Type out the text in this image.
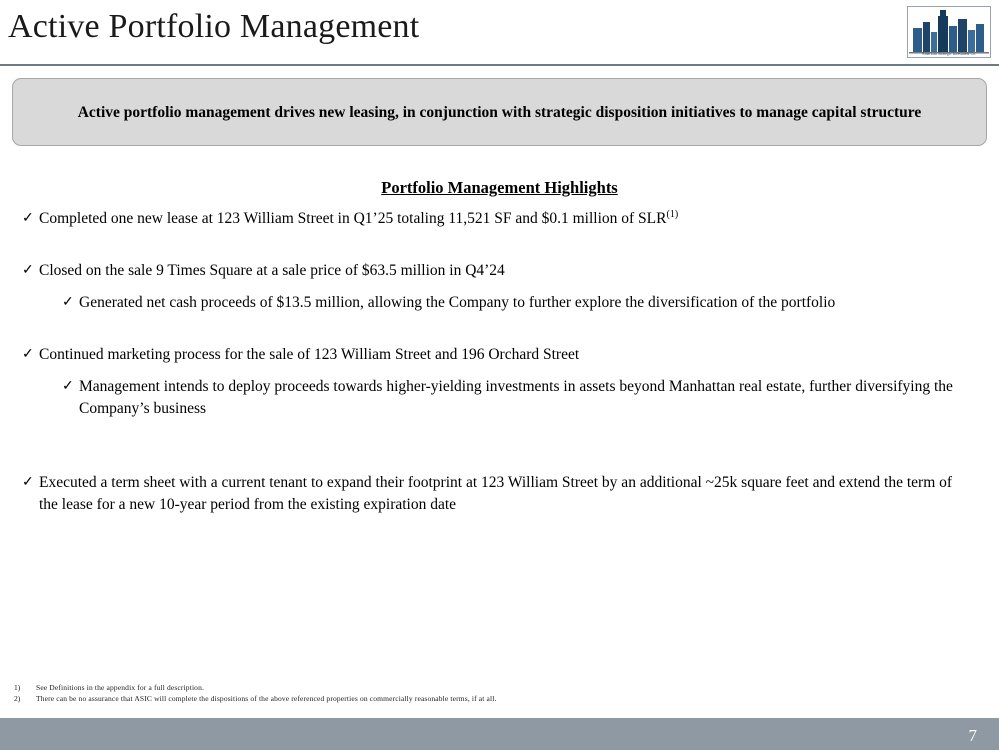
Active Portfolio Management
American Strategic Investment Co.
Active portfolio management drives new leasing, in conjunction with strategic disposition initiatives to manage capital structure
Portfolio Management Highlights
✓ Completed one new lease at 123 William Street in Q1’25 totaling 11,521 SF and $0.1 million of SLR$^{(1)}$
✓ Closed on the sale 9 Times Square at a sale price of $63.5 million in Q4’24
✓ Generated net cash proceeds of $13.5 million, allowing the Company to further explore the diversification of the portfolio
✓ Continued marketing process for the sale of 123 William Street and 196 Orchard Street
✓ Management intends to deploy proceeds towards higher-yielding investments in assets beyond Manhattan real estate, further diversifying the Company’s business
✓ Executed a term sheet with a current tenant to expand their footprint at 123 William Street by an additional ~25k square feet and extend the term of the lease for a new 10-year period from the existing expiration date
1)	See Definitions in the appendix for a full description.
2)	There can be no assurance that ASIC will complete the dispositions of the above referenced properties on commercially reasonable terms, if at all.
7
